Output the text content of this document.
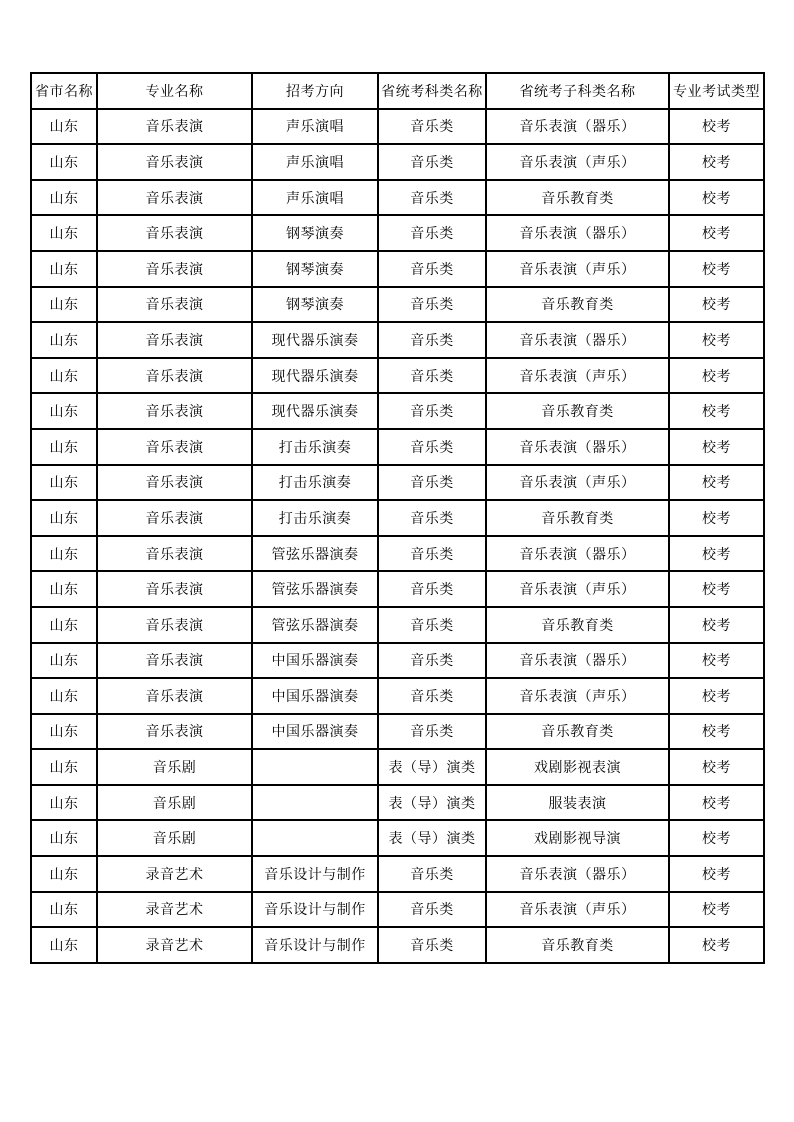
省市名称	专业名称	招考方向	省统考科类名称	省统考子科类名称	专业考试类型
山东	音乐表演	声乐演唱	音乐类	音乐表演（器乐）	校考
山东	音乐表演	声乐演唱	音乐类	音乐表演（声乐）	校考
山东	音乐表演	声乐演唱	音乐类	音乐教育类	校考
山东	音乐表演	钢琴演奏	音乐类	音乐表演（器乐）	校考
山东	音乐表演	钢琴演奏	音乐类	音乐表演（声乐）	校考
山东	音乐表演	钢琴演奏	音乐类	音乐教育类	校考
山东	音乐表演	现代器乐演奏	音乐类	音乐表演（器乐）	校考
山东	音乐表演	现代器乐演奏	音乐类	音乐表演（声乐）	校考
山东	音乐表演	现代器乐演奏	音乐类	音乐教育类	校考
山东	音乐表演	打击乐演奏	音乐类	音乐表演（器乐）	校考
山东	音乐表演	打击乐演奏	音乐类	音乐表演（声乐）	校考
山东	音乐表演	打击乐演奏	音乐类	音乐教育类	校考
山东	音乐表演	管弦乐器演奏	音乐类	音乐表演（器乐）	校考
山东	音乐表演	管弦乐器演奏	音乐类	音乐表演（声乐）	校考
山东	音乐表演	管弦乐器演奏	音乐类	音乐教育类	校考
山东	音乐表演	中国乐器演奏	音乐类	音乐表演（器乐）	校考
山东	音乐表演	中国乐器演奏	音乐类	音乐表演（声乐）	校考
山东	音乐表演	中国乐器演奏	音乐类	音乐教育类	校考
山东	音乐剧		表（导）演类	戏剧影视表演	校考
山东	音乐剧		表（导）演类	服装表演	校考
山东	音乐剧		表（导）演类	戏剧影视导演	校考
山东	录音艺术	音乐设计与制作	音乐类	音乐表演（器乐）	校考
山东	录音艺术	音乐设计与制作	音乐类	音乐表演（声乐）	校考
山东	录音艺术	音乐设计与制作	音乐类	音乐教育类	校考
